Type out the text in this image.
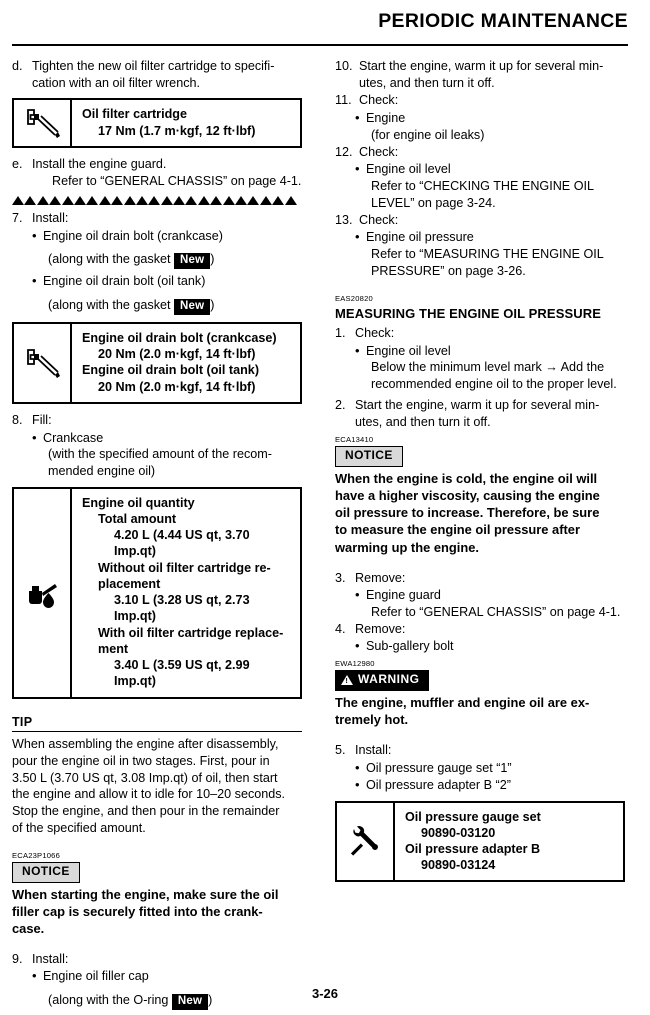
PERIODIC MAINTENANCE
d. Tighten the new oil filter cartridge to specifi-
cation with an oil filter wrench.
Oil filter cartridge
17 Nm (1.7 m·kgf, 12 ft·lbf)
e. Install the engine guard.
Refer to “GENERAL CHASSIS” on page 4-1.

7. Install:
• Engine oil drain bolt (crankcase)
(along with the gasket New )
• Engine oil drain bolt (oil tank)
(along with the gasket New )
Engine oil drain bolt (crankcase)
20 Nm (2.0 m·kgf, 14 ft·lbf)
Engine oil drain bolt (oil tank)
20 Nm (2.0 m·kgf, 14 ft·lbf)
8. Fill:
• Crankcase
(with the specified amount of the recom-
mended engine oil)
Engine oil quantity
Total amount
4.20 L (4.44 US qt, 3.70 Imp.qt)
Without oil filter cartridge re-
placement
3.10 L (3.28 US qt, 2.73 Imp.qt)
With oil filter cartridge replace-
ment
3.40 L (3.59 US qt, 2.99 Imp.qt)
TIP
When assembling the engine after disassembly,
pour the engine oil in two stages. First, pour in
3.50 L (3.70 US qt, 3.08 Imp.qt) of oil, then start
the engine and allow it to idle for 10–20 seconds.
Stop the engine, and then pour in the remainder
of the specified amount.
ECA23P1066
NOTICE
When starting the engine, make sure the oil
filler cap is securely fitted into the crank-
case.
9. Install:
• Engine oil filler cap
(along with the O-ring New )
10. Start the engine, warm it up for several min-
utes, and then turn it off.
11. Check:
• Engine
(for engine oil leaks)
12. Check:
• Engine oil level
Refer to “CHECKING THE ENGINE OIL
LEVEL” on page 3-24.
13. Check:
• Engine oil pressure
Refer to “MEASURING THE ENGINE OIL
PRESSURE” on page 3-26.
EAS20820
MEASURING THE ENGINE OIL PRESSURE
1. Check:
• Engine oil level
Below the minimum level mark → Add the
recommended engine oil to the proper level.
2. Start the engine, warm it up for several min-
utes, and then turn it off.
ECA13410
NOTICE
When the engine is cold, the engine oil will
have a higher viscosity, causing the engine
oil pressure to increase. Therefore, be sure
to measure the engine oil pressure after
warming up the engine.
3. Remove:
• Engine guard
Refer to “GENERAL CHASSIS” on page 4-1.
4. Remove:
• Sub-gallery bolt
EWA12980
!
WARNING
The engine, muffler and engine oil are ex-
tremely hot.
5. Install:
• Oil pressure gauge set “1”
• Oil pressure adapter B “2”
Oil pressure gauge set
90890-03120
Oil pressure adapter B
90890-03124
3-26
